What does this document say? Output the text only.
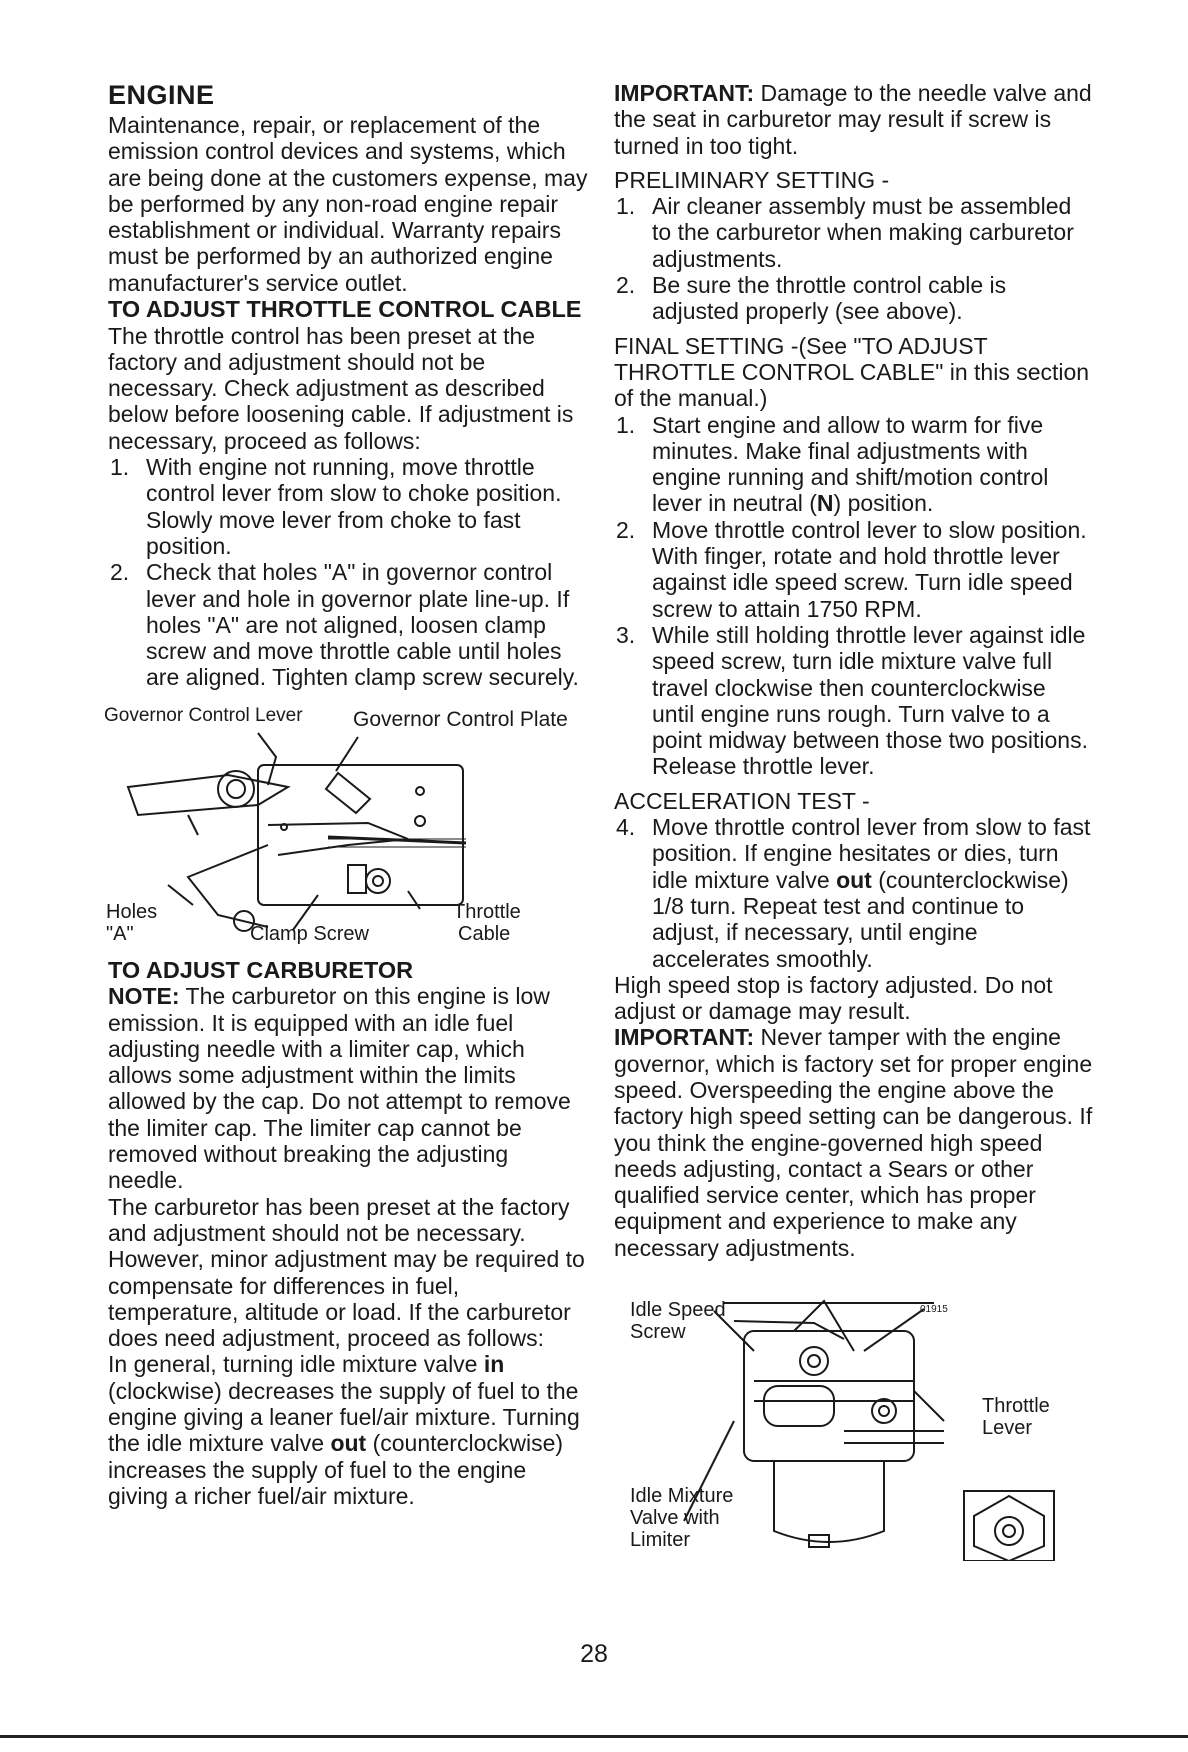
ENGINE

Maintenance, repair, or replacement of the emission control devices and systems, which are being done at the customers expense, may be performed by any non-road engine repair establishment or individual. Warranty repairs must be performed by an authorized engine manufacturer's service outlet.

TO ADJUST THROTTLE CONTROL CABLE

The throttle control has been preset at the factory and adjustment should not be necessary. Check adjustment as described below before loosening cable. If adjustment is necessary, proceed as follows:

1. With engine not running, move throttle control lever from slow to choke position. Slowly move lever from choke to fast position.
2. Check that holes "A" in governor control lever and hole in governor plate line-up. If holes "A" are not aligned, loosen clamp screw and move throttle cable until holes are aligned. Tighten clamp screw securely.
Governor Control Lever Governor Control Plate
Holes
"A"	Clamp Screw
Throttle
Cable
TO ADJUST CARBURETOR

NOTE: The carburetor on this engine is low emission. It is equipped with an idle fuel adjusting needle with a limiter cap, which allows some adjustment within the limits allowed by the cap. Do not attempt to remove the limiter cap. The limiter cap cannot be removed without breaking the adjusting needle.

The carburetor has been preset at the factory and adjustment should not be necessary. However, minor adjustment may be required to compensate for differences in fuel, temperature, altitude or load. If the carburetor does need adjustment, proceed as follows:

In general, turning idle mixture valve in (clockwise) decreases the supply of fuel to the engine giving a leaner fuel/air mixture. Turning the idle mixture valve out (counterclockwise) increases the supply of fuel to the engine giving a richer fuel/air mixture.

IMPORTANT: Damage to the needle valve and the seat in carburetor may result if screw is turned in too tight.

PRELIMINARY SETTING -

1. Air cleaner assembly must be assembled to the carburetor when making carburetor adjustments.
2. Be sure the throttle control cable is adjusted properly (see above).

FINAL SETTING -(See "TO ADJUST THROTTLE CONTROL CABLE" in this section of the manual.)

1. Start engine and allow to warm for five minutes. Make final adjustments with engine running and shift/motion control lever in neutral (N) position.
2. Move throttle control lever to slow position. With finger, rotate and hold throttle lever against idle speed screw. Turn idle speed screw to attain 1750 RPM.
3. While still holding throttle lever against idle speed screw, turn idle mixture valve full travel clockwise then counterclockwise until engine runs rough. Turn valve to a point midway between those two positions. Release throttle lever.

ACCELERATION TEST -

4. Move throttle control lever from slow to fast position. If engine hesitates or dies, turn idle mixture valve out (counterclockwise) 1/8 turn. Repeat test and continue to adjust, if necessary, until engine accelerates smoothly.

High speed stop is factory adjusted. Do not adjust or damage may result.

IMPORTANT: Never tamper with the engine governor, which is factory set for proper engine speed. Overspeeding the engine above the factory high speed setting can be dangerous. If you think the engine-governed high speed needs adjusting, contact a Sears or other qualified service center, which has proper equipment and experience to make any necessary adjustments.

Idle Speed
Screw
01915
Throttle
Lever
Idle Mixture
Valve with
Limiter
28
